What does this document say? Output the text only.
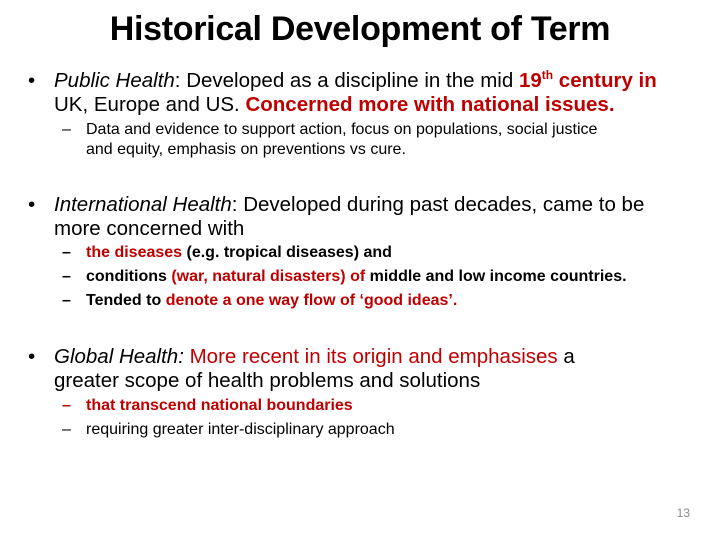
Historical Development of Term
• Public Health: Developed as a discipline in the mid 19th century in
UK, Europe and US. Concerned more with national issues.
– Data and evidence to support action, focus on populations, social justice
and equity, emphasis on preventions vs cure.
• International Health: Developed during past decades, came to be
more concerned with
– the diseases (e.g. tropical diseases) and
– conditions (war, natural disasters) of middle and low income countries.
– Tended to denote a one way flow of ‘good ideas’.
• Global Health: More recent in its origin and emphasises a
greater scope of health problems and solutions
– that transcend national boundaries
– requiring greater inter-disciplinary approach
13
